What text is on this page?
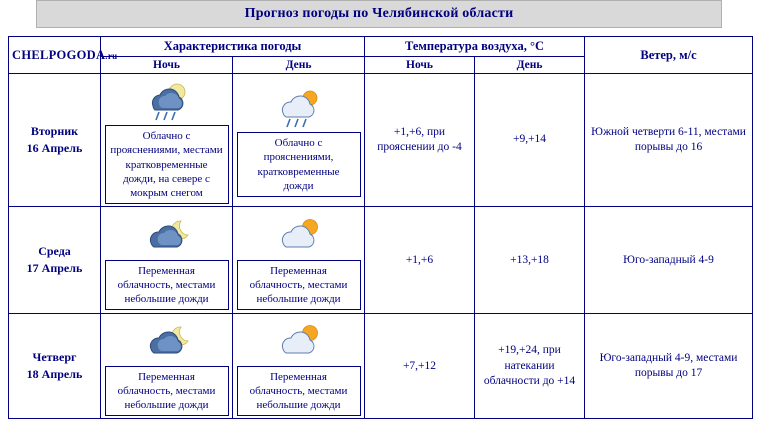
Прогноз погоды по Челябинской области
CHELPOGODA.ru	Характеристика погоды		Температура воздуха, °C		Ветер, м/с
	Ночь	День	Ночь	День	

Вторник
16 Апрель	Облачно с прояснениями, местами кратковременные дожди, на севере с мокрым снегом	Облачно с прояснениями, кратковременные дожди	+1,+6, при прояснении до -4	+9,+14	Южной четверти 6-11, местами порывы до 16

Среда
17 Апрель	Переменная облачность, местами небольшие дожди	Переменная облачность, местами небольшие дожди	+1,+6	+13,+18	Юго-западный 4-9

Четверг
18 Апрель	Переменная облачность, местами небольшие дожди	Переменная облачность, местами небольшие дожди	+7,+12	+19,+24, при натекании облачности до +14	Юго-западный 4-9, местами порывы до 17
